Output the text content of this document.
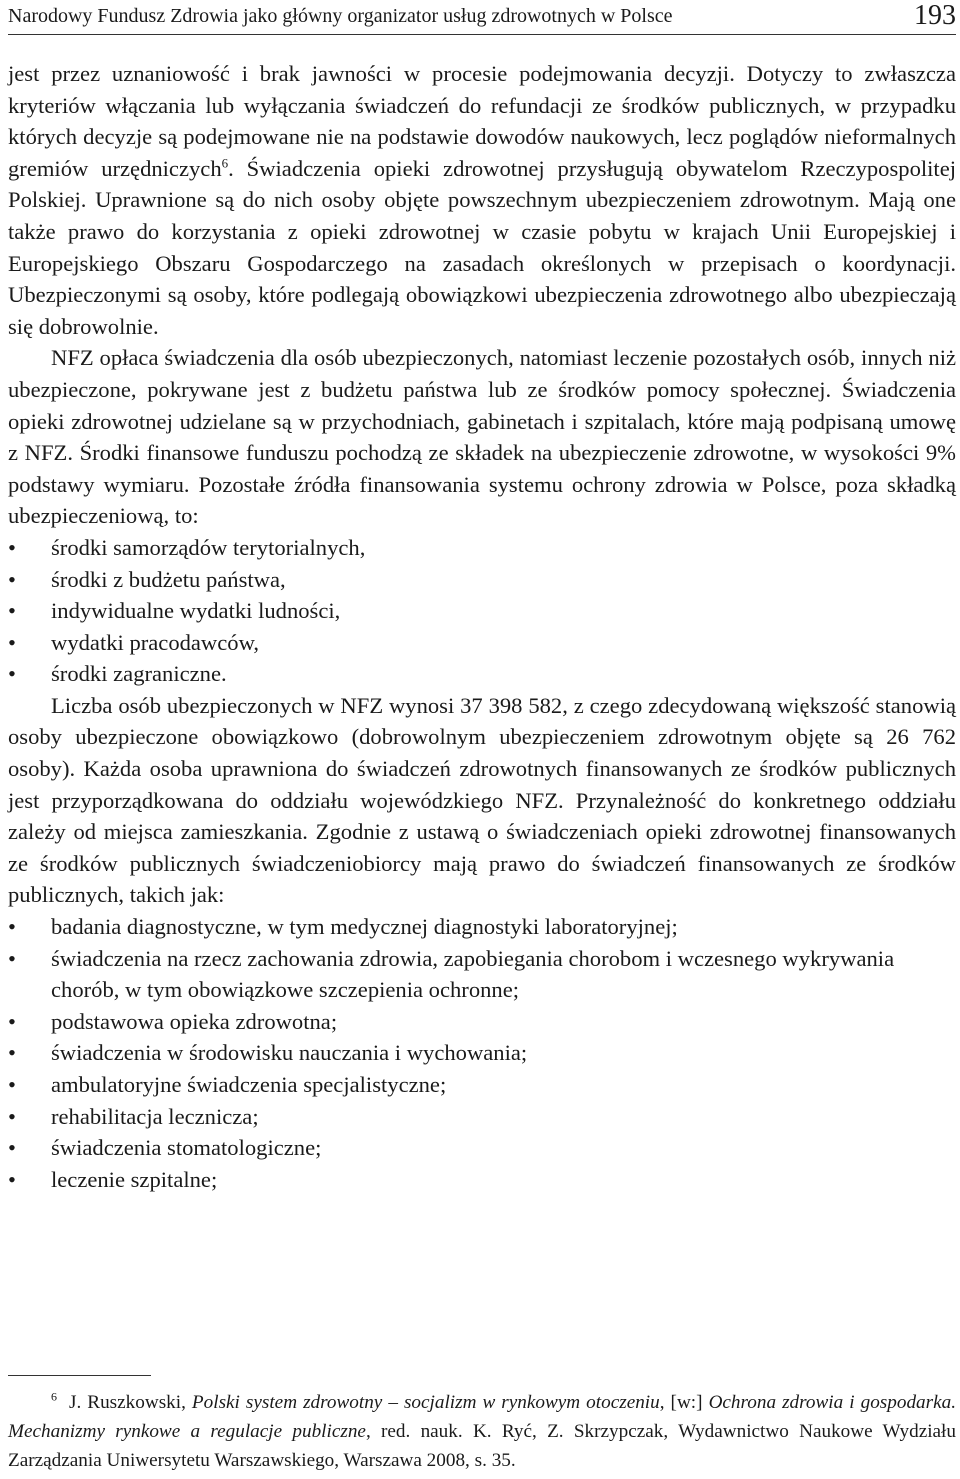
Narodowy Fundusz Zdrowia jako główny organizator usług zdrowotnych w Polsce	193

jest przez uznaniowość i brak jawności w procesie podejmowania decyzji. Dotyczy to zwłaszcza kryteriów włączania lub wyłączania świadczeń do refundacji ze środków publicznych, w przypadku których decyzje są podejmowane nie na podstawie dowodów naukowych, lecz poglądów nieformalnych gremiów urzędniczych$^6$. Świadczenia opieki zdrowotnej przysługują obywatelom Rzeczypospolitej Polskiej. Uprawnione są do nich osoby objęte powszechnym ubezpieczeniem zdrowotnym. Mają one także prawo do korzystania z opieki zdrowotnej w czasie pobytu w krajach Unii Europejskiej i Europejskiego Obszaru Gospodarczego na zasadach określonych w przepisach o koordynacji. Ubezpieczonymi są osoby, które podlegają obowiązkowi ubezpieczenia zdrowotnego albo ubezpieczają się dobrowolnie.

NFZ opłaca świadczenia dla osób ubezpieczonych, natomiast leczenie pozostałych osób, innych niż ubezpieczone, pokrywane jest z budżetu państwa lub ze środków pomocy społecznej. Świadczenia opieki zdrowotnej udzielane są w przychodniach, gabinetach i szpitalach, które mają podpisaną umowę z NFZ. Środki finansowe funduszu pochodzą ze składek na ubezpieczenie zdrowotne, w wysokości 9% podstawy wymiaru. Pozostałe źródła finansowania systemu ochrony zdrowia w Polsce, poza składką ubezpieczeniową, to:

• środki samorządów terytorialnych,
• środki z budżetu państwa,
• indywidualne wydatki ludności,
• wydatki pracodawców,
• środki zagraniczne.

Liczba osób ubezpieczonych w NFZ wynosi 37 398 582, z czego zdecydowaną większość stanowią osoby ubezpieczone obowiązkowo (dobrowolnym ubezpieczeniem zdrowotnym objęte są 26 762 osoby). Każda osoba uprawniona do świadczeń zdrowotnych finansowanych ze środków publicznych jest przyporządkowana do oddziału wojewódzkiego NFZ. Przynależność do konkretnego oddziału zależy od miejsca zamieszkania. Zgodnie z ustawą o świadczeniach opieki zdrowotnej finansowanych ze środków publicznych świadczeniobiorcy mają prawo do świadczeń finansowanych ze środków publicznych, takich jak:

• badania diagnostyczne, w tym medycznej diagnostyki laboratoryjnej;
• świadczenia na rzecz zachowania zdrowia, zapobiegania chorobom i wczesnego wykrywania chorób, w tym obowiązkowe szczepienia ochronne;
• podstawowa opieka zdrowotna;
• świadczenia w środowisku nauczania i wychowania;
• ambulatoryjne świadczenia specjalistyczne;
• rehabilitacja lecznicza;
• świadczenia stomatologiczne;
• leczenie szpitalne;
$^6$ J. Ruszkowski, Polski system zdrowotny – socjalizm w rynkowym otoczeniu, [w:] Ochrona zdrowia i gospodarka. Mechanizmy rynkowe a regulacje publiczne, red. nauk. K. Ryć, Z. Skrzypczak, Wydawnictwo Naukowe Wydziału Zarządzania Uniwersytetu Warszawskiego, Warszawa 2008, s. 35.
